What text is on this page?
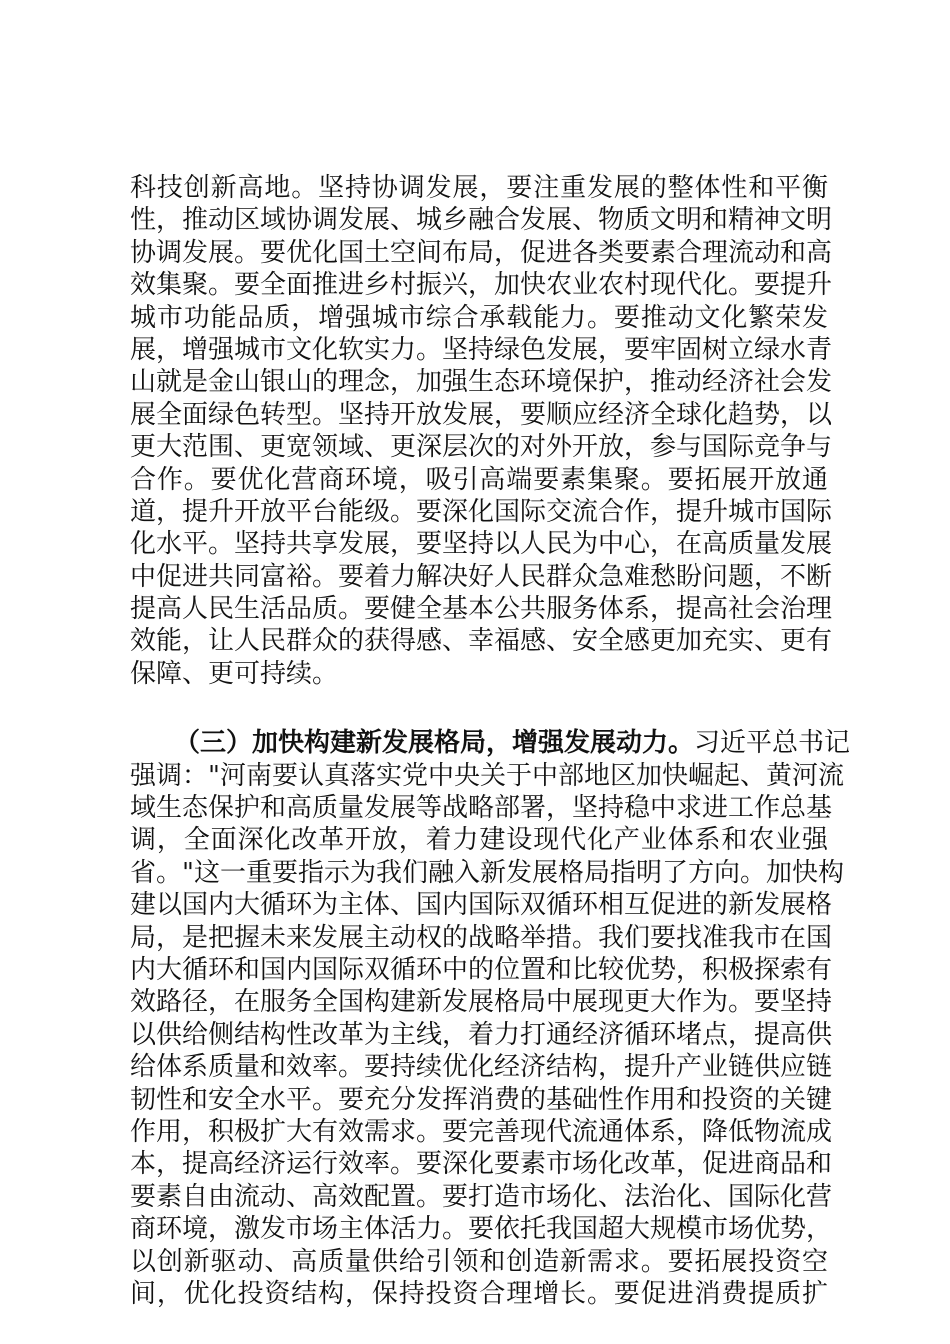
科技创新高地。坚持协调发展，要注重发展的整体性和平衡
性，推动区域协调发展、城乡融合发展、物质文明和精神文明
协调发展。要优化国土空间布局，促进各类要素合理流动和高
效集聚。要全面推进乡村振兴，加快农业农村现代化。要提升
城市功能品质，增强城市综合承载能力。要推动文化繁荣发
展，增强城市文化软实力。坚持绿色发展，要牢固树立绿水青
山就是金山银山的理念，加强生态环境保护，推动经济社会发
展全面绿色转型。坚持开放发展，要顺应经济全球化趋势，以
更大范围、更宽领域、更深层次的对外开放，参与国际竞争与
合作。要优化营商环境，吸引高端要素集聚。要拓展开放通
道，提升开放平台能级。要深化国际交流合作，提升城市国际
化水平。坚持共享发展，要坚持以人民为中心，在高质量发展
中促进共同富裕。要着力解决好人民群众急难愁盼问题，不断
提高人民生活品质。要健全基本公共服务体系，提高社会治理
效能，让人民群众的获得感、幸福感、安全感更加充实、更有
保障、更可持续。
（三）加快构建新发展格局，增强发展动力。习近平总书记
强调："河南要认真落实党中央关于中部地区加快崛起、黄河流
域生态保护和高质量发展等战略部署，坚持稳中求进工作总基
调，全面深化改革开放，着力建设现代化产业体系和农业强
省。"这一重要指示为我们融入新发展格局指明了方向。加快构
建以国内大循环为主体、国内国际双循环相互促进的新发展格
局，是把握未来发展主动权的战略举措。我们要找准我市在国
内大循环和国内国际双循环中的位置和比较优势，积极探索有
效路径，在服务全国构建新发展格局中展现更大作为。要坚持
以供给侧结构性改革为主线，着力打通经济循环堵点，提高供
给体系质量和效率。要持续优化经济结构，提升产业链供应链
韧性和安全水平。要充分发挥消费的基础性作用和投资的关键
作用，积极扩大有效需求。要完善现代流通体系，降低物流成
本，提高经济运行效率。要深化要素市场化改革，促进商品和
要素自由流动、高效配置。要打造市场化、法治化、国际化营
商环境，激发市场主体活力。要依托我国超大规模市场优势，
以创新驱动、高质量供给引领和创造新需求。要拓展投资空
间，优化投资结构，保持投资合理增长。要促进消费提质扩
